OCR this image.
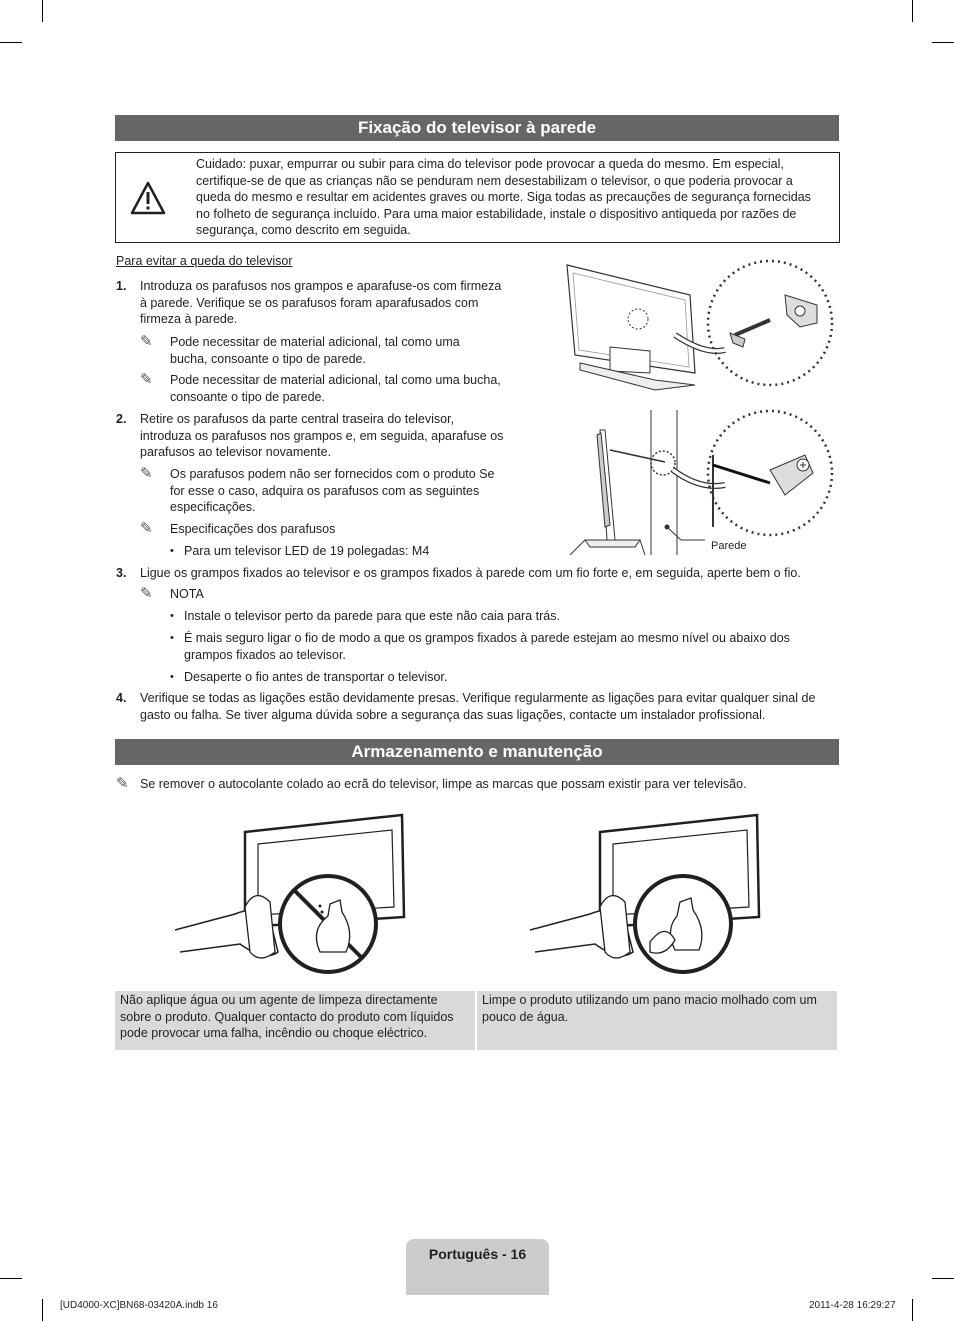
Fixação do televisor à parede
Cuidado: puxar, empurrar ou subir para cima do televisor pode provocar a queda do mesmo. Em especial, certifique-se de que as crianças não se penduram nem desestabilizam o televisor, o que poderia provocar a queda do mesmo e resultar em acidentes graves ou morte. Siga todas as precauções de segurança fornecidas no folheto de segurança incluído. Para uma maior estabilidade, instale o dispositivo antiqueda por razões de segurança, como descrito em seguida.
Para evitar a queda do televisor
1. Introduza os parafusos nos grampos e aparafuse-os com firmeza à parede. Verifique se os parafusos foram aparafusados com firmeza à parede.
✎ Pode necessitar de material adicional, tal como uma bucha, consoante o tipo de parede.
✎ Pode necessitar de material adicional, tal como uma bucha, consoante o tipo de parede.
2. Retire os parafusos da parte central traseira do televisor, introduza os parafusos nos grampos e, em seguida, aparafuse os parafusos ao televisor novamente.
✎ Os parafusos podem não ser fornecidos com o produto Se for esse o caso, adquira os parafusos com as seguintes especificações.
✎ Especificações dos parafusos
• Para um televisor LED de 19 polegadas: M4	Parede
3. Ligue os grampos fixados ao televisor e os grampos fixados à parede com um fio forte e, em seguida, aperte bem o fio.
✎ NOTA
• Instale o televisor perto da parede para que este não caia para trás.
• É mais seguro ligar o fio de modo a que os grampos fixados à parede estejam ao mesmo nível ou abaixo dos grampos fixados ao televisor.
• Desaperte o fio antes de transportar o televisor.
4. Verifique se todas as ligações estão devidamente presas. Verifique regularmente as ligações para evitar qualquer sinal de gasto ou falha. Se tiver alguma dúvida sobre a segurança das suas ligações, contacte um instalador profissional.
Armazenamento e manutenção
✎ Se remover o autocolante colado ao ecrã do televisor, limpe as marcas que possam existir para ver televisão.
Não aplique água ou um agente de limpeza directamente sobre o produto. Qualquer contacto do produto com líquidos pode provocar uma falha, incêndio ou choque eléctrico.
Limpe o produto utilizando um pano macio molhado com um pouco de água.
Português - 16
[UD4000-XC]BN68-03420A.indb 16	2011-4-28 16:29:27
